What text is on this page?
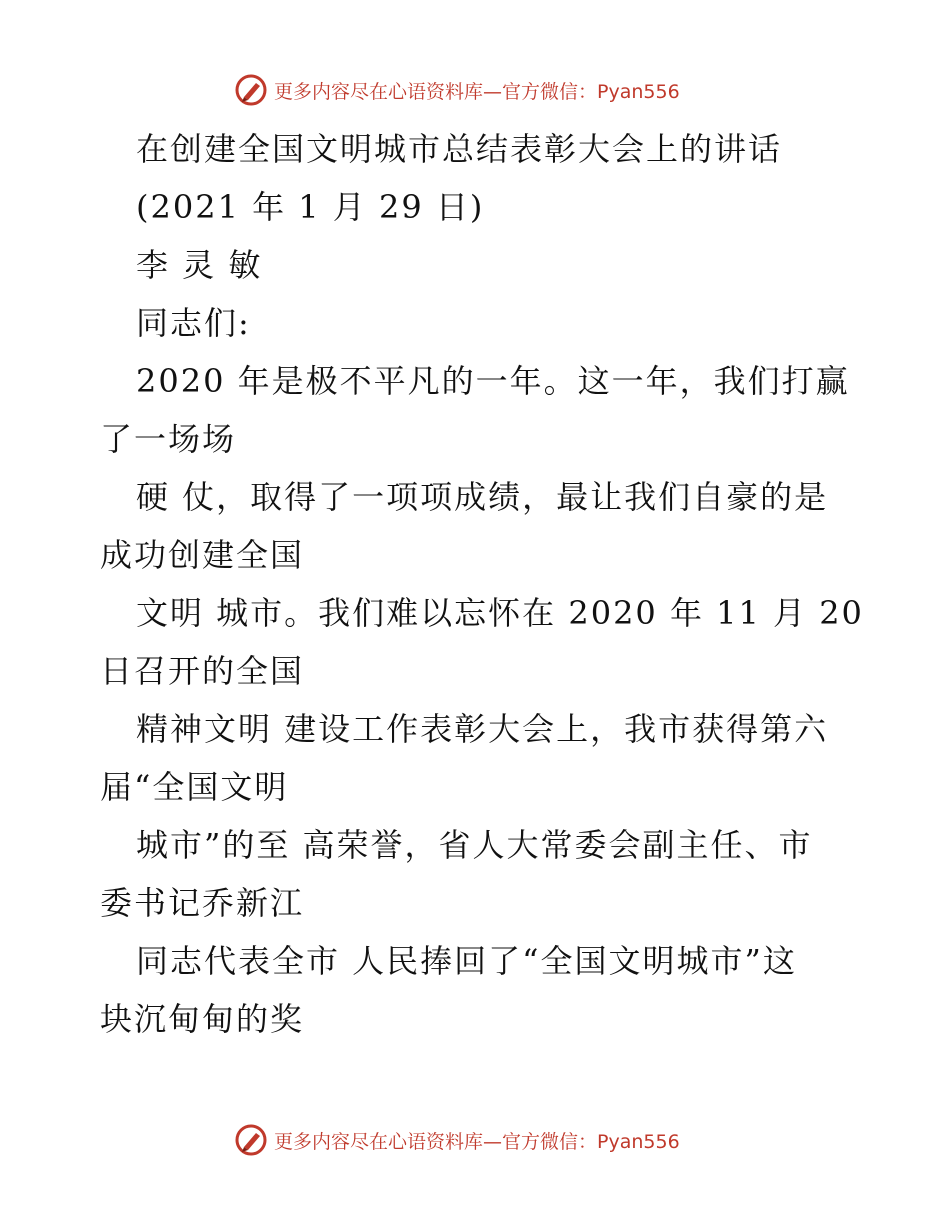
更多内容尽在心语资料库—官方微信：Pyan556
在创建全国文明城市总结表彰大会上的讲话
(2021 年 1 月 29 日)
李 灵 敏
同志们:
2020 年是极不平凡的一年。这一年，我们打赢
了一场场
硬 仗，取得了一项项成绩，最让我们自豪的是
成功创建全国
文明 城市。我们难以忘怀在 2020 年 11 月 20
日召开的全国
精神文明 建设工作表彰大会上，我市获得第六
届“全国文明
城市”的至 高荣誉，省人大常委会副主任、市
委书记乔新江
同志代表全市 人民捧回了“全国文明城市”这
块沉甸甸的奖
更多内容尽在心语资料库—官方微信：Pyan556
